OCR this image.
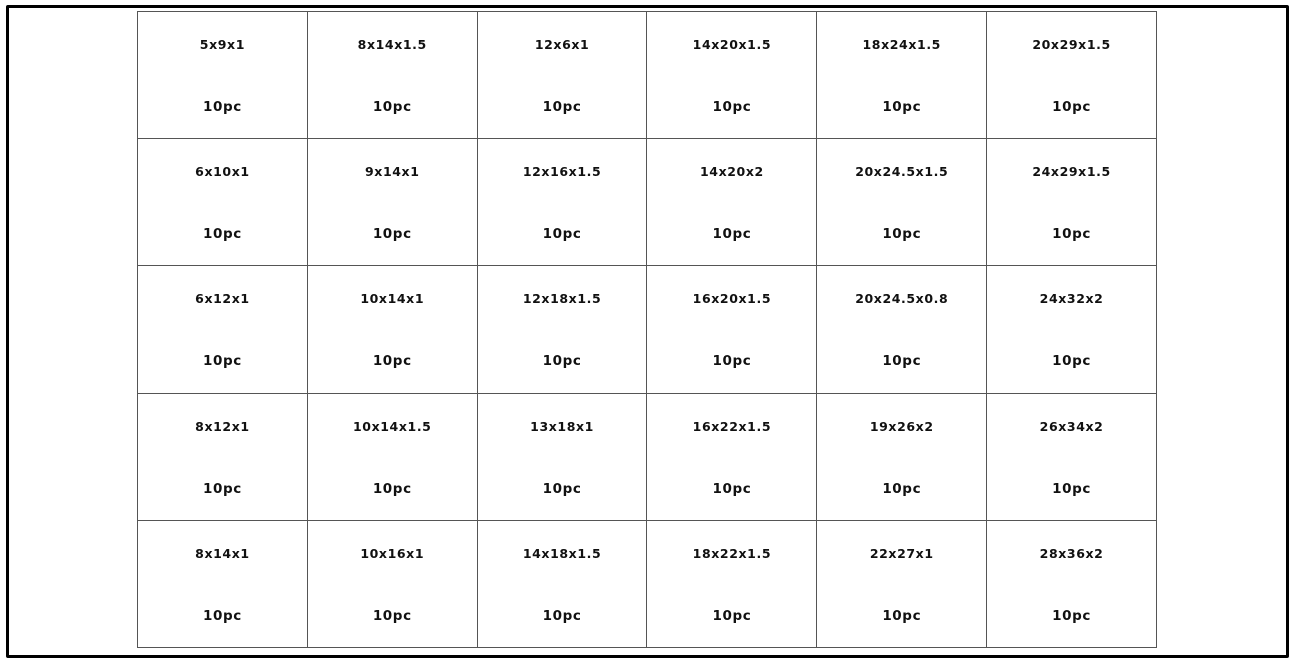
5x9x1
10pc
8x14x1.5
10pc
12x6x1
10pc
14x20x1.5
10pc
18x24x1.5
10pc
20x29x1.5
10pc
6x10x1
10pc
9x14x1
10pc
12x16x1.5
10pc
14x20x2
10pc
20x24.5x1.5
10pc
24x29x1.5
10pc
6x12x1
10pc
10x14x1
10pc
12x18x1.5
10pc
16x20x1.5
10pc
20x24.5x0.8
10pc
24x32x2
10pc
8x12x1
10pc
10x14x1.5
10pc
13x18x1
10pc
16x22x1.5
10pc
19x26x2
10pc
26x34x2
10pc
8x14x1
10pc
10x16x1
10pc
14x18x1.5
10pc
18x22x1.5
10pc
22x27x1
10pc
28x36x2
10pc
